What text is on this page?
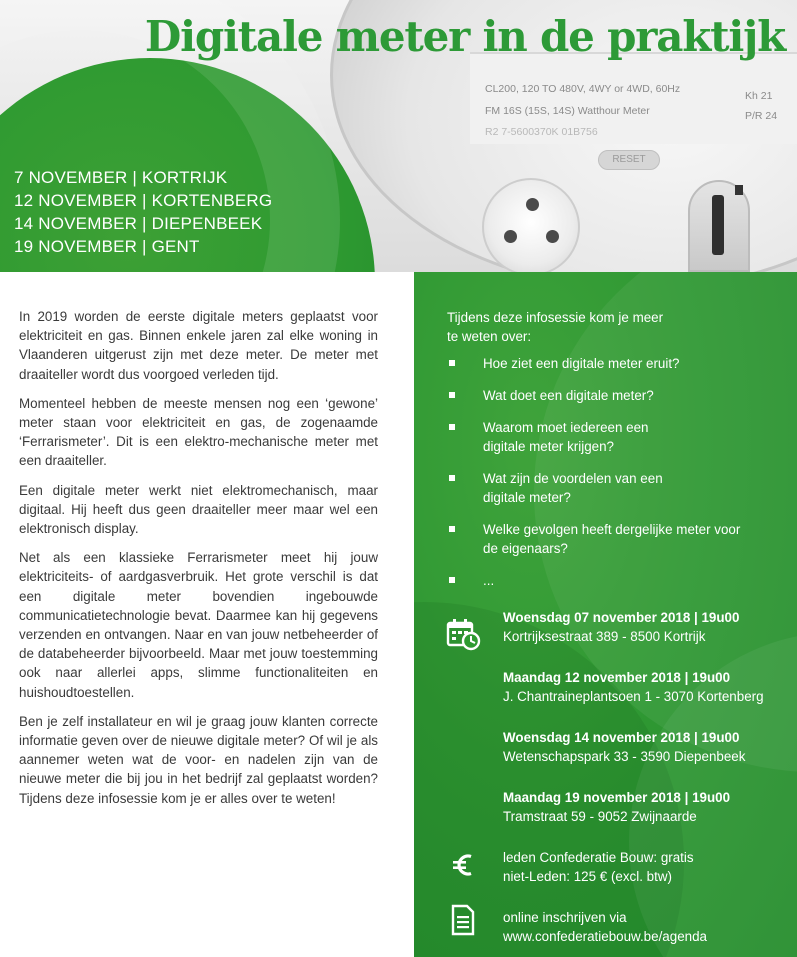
CL200, 120 TO 480V, 4WY or 4WD, 60Hz
FM 16S (15S, 14S) Watthour Meter
R2 7-5600370K 01B756
Kh 21
P/R 24
RESET
7 NOVEMBER | KORTRIJK
12 NOVEMBER | KORTENBERG
14 NOVEMBER | DIEPENBEEK
19 NOVEMBER | GENT
Digitale meter in de praktijk

In 2019 worden de eerste digitale meters geplaatst voor elektriciteit en gas. Binnen enkele jaren zal elke woning in Vlaanderen uitgerust zijn met deze meter. De meter met draaiteller wordt dus voorgoed verleden tijd.

Momenteel hebben de meeste mensen nog een ‘gewone’ meter staan voor elektriciteit en gas, de zogenaamde ‘Ferrarismeter’. Dit is een elektro-mechanische meter met een draaiteller.

Een digitale meter werkt niet elektromechanisch, maar digitaal. Hij heeft dus geen draaiteller meer maar wel een elektronisch display.

Net als een klassieke Ferrarismeter meet hij jouw elektriciteits- of aardgasverbruik. Het grote verschil is dat een digitale meter bovendien ingebouwde communicatietechnologie bevat. Daarmee kan hij gegevens verzenden en ontvangen. Naar en van jouw netbeheerder of de databeheerder bijvoorbeeld. Maar met jouw toestemming ook naar allerlei apps, slimme functionaliteiten en huishoudtoestellen.

Ben je zelf installateur en wil je graag jouw klanten correcte informatie geven over de nieuwe digitale meter? Of wil je als aannemer weten wat de voor- en nadelen zijn van de nieuwe meter die bij jou in het bedrijf zal geplaatst worden? Tijdens deze infosessie kom je er alles over te weten!

Tijdens deze infosessie kom je meer te weten over:
Hoe ziet een digitale meter eruit?
Wat doet een digitale meter?
Waarom moet iedereen een digitale meter krijgen?
Wat zijn de voordelen van een digitale meter?
Welke gevolgen heeft dergelijke meter voor de eigenaars?
...
Woensdag 07 november 2018 | 19u00
Kortrijksestraat 389 - 8500 Kortrijk
Maandag 12 november 2018 | 19u00
J. Chantraineplantsoen 1 - 3070 Kortenberg
Woensdag 14 november 2018 | 19u00
Wetenschapspark 33 - 3590 Diepenbeek
Maandag 19 november 2018 | 19u00
Tramstraat 59 - 9052 Zwijnaarde
leden Confederatie Bouw: gratis
niet-Leden: 125 € (excl. btw)
online inschrijven via
www.confederatiebouw.be/agenda
